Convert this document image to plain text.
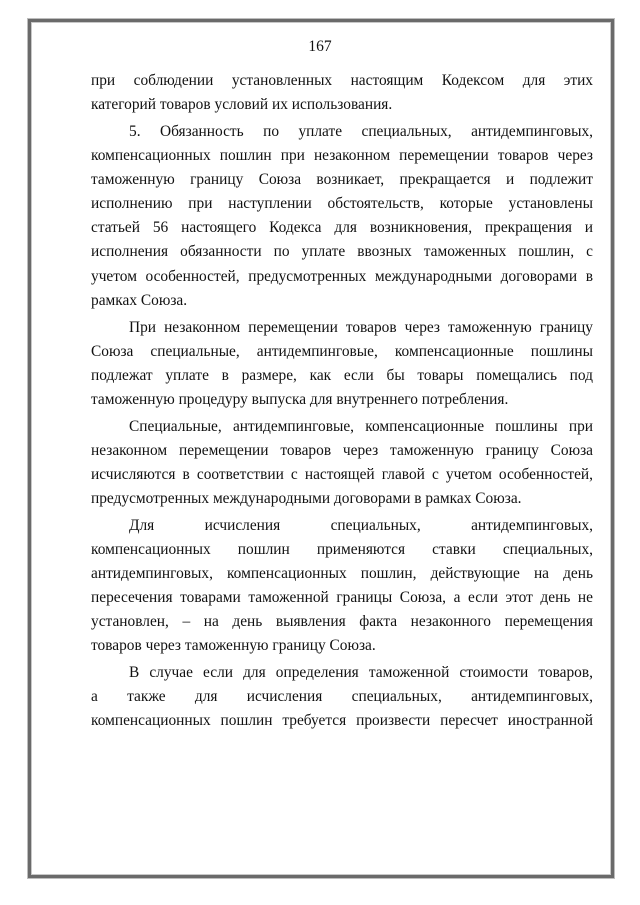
167
при соблюдении установленных настоящим Кодексом для этих
категорий товаров условий их использования.
5. Обязанность по уплате специальных, антидемпинговых,
компенсационных пошлин при незаконном перемещении товаров через
таможенную границу Союза возникает, прекращается и подлежит
исполнению при наступлении обстоятельств, которые установлены
статьей 56 настоящего Кодекса для возникновения, прекращения и
исполнения обязанности по уплате ввозных таможенных пошлин, с
учетом особенностей, предусмотренных международными договорами в
рамках Союза.
При незаконном перемещении товаров через таможенную границу
Союза специальные, антидемпинговые, компенсационные пошлины
подлежат уплате в размере, как если бы товары помещались под
таможенную процедуру выпуска для внутреннего потребления.
Специальные, антидемпинговые, компенсационные пошлины при
незаконном перемещении товаров через таможенную границу Союза
исчисляются в соответствии с настоящей главой с учетом особенностей,
предусмотренных международными договорами в рамках Союза.
Для исчисления специальных, антидемпинговых,
компенсационных пошлин применяются ставки специальных,
антидемпинговых, компенсационных пошлин, действующие на день
пересечения товарами таможенной границы Союза, а если этот день не
установлен, – на день выявления факта незаконного перемещения
товаров через таможенную границу Союза.
В случае если для определения таможенной стоимости товаров,
а также для исчисления специальных, антидемпинговых,
компенсационных пошлин требуется произвести пересчет иностранной
